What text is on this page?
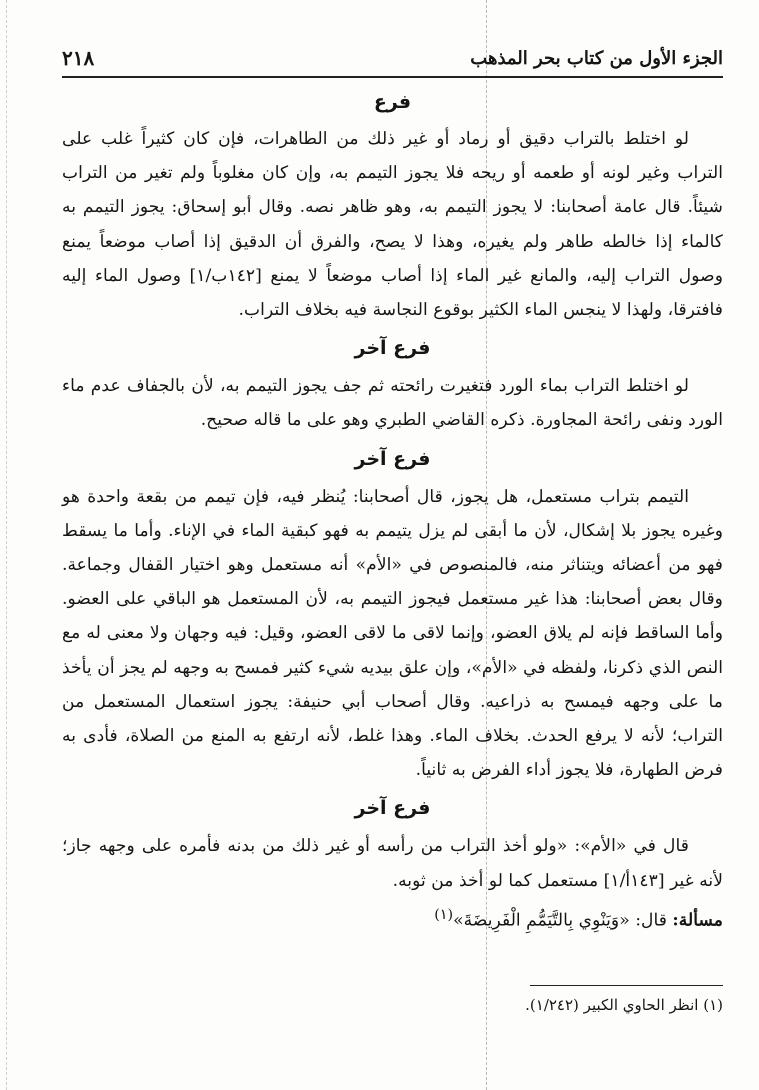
٢١٨	الجزء الأول من كتاب بحر المذهب
فرع

لو اختلط بالتراب دقيق أو رماد أو غير ذلك من الطاهرات، فإن كان كثيراً غلب على التراب وغير لونه أو طعمه أو ريحه فلا يجوز التيمم به، وإن كان مغلوباً ولم تغير من التراب شيئاً. قال عامة أصحابنا: لا يجوز التيمم به، وهو ظاهر نصه. وقال أبو إسحاق: يجوز التيمم به كالماء إذا خالطه طاهر ولم يغيره، وهذا لا يصح، والفرق أن الدقيق إذا أصاب موضعاً يمنع وصول التراب إليه، والمانع غير الماء إذا أصاب موضعاً لا يمنع [١٤٢ب/١] وصول الماء إليه فافترقا، ولهذا لا ينجس الماء الكثير بوقوع النجاسة فيه بخلاف التراب.

فرع آخر

لو اختلط التراب بماء الورد فتغيرت رائحته ثم جف يجوز التيمم به، لأن بالجفاف عدم ماء الورد ونفى رائحة المجاورة. ذكره القاضي الطبري وهو على ما قاله صحيح.

فرع آخر

التيمم بتراب مستعمل، هل يجوز، قال أصحابنا: يُنظر فيه، فإن تيمم من بقعة واحدة هو وغيره يجوز بلا إشكال، لأن ما أبقى لم يزل يتيمم به فهو كبقية الماء في الإناء. وأما ما يسقط فهو من أعضائه ويتناثر منه، فالمنصوص في «الأم» أنه مستعمل وهو اختيار القفال وجماعة. وقال بعض أصحابنا: هذا غير مستعمل فيجوز التيمم به، لأن المستعمل هو الباقي على العضو. وأما الساقط فإنه لم يلاق العضو، وإنما لاقى ما لاقى العضو، وقيل: فيه وجهان ولا معنى له مع النص الذي ذكرنا، ولفظه في «الأم»، وإن علق بيديه شيء كثير فمسح به وجهه لم يجز أن يأخذ ما على وجهه فيمسح به ذراعيه. وقال أصحاب أبي حنيفة: يجوز استعمال المستعمل من التراب؛ لأنه لا يرفع الحدث. بخلاف الماء. وهذا غلط، لأنه ارتفع به المنع من الصلاة، فأدى به فرض الطهارة، فلا يجوز أداء الفرض به ثانياً.

فرع آخر

قال في «الأم»: «ولو أخذ التراب من رأسه أو غير ذلك من بدنه فأمره على وجهه جاز؛ لأنه غير [١٤٣أ/١] مستعمل كما لو أخذ من ثوبه.

مسألة: قال: «وَيَنْوِي بِالتَّيَمُّمِ الْفَرِيضَةَ»$^{(١)}$

(١) انظر الحاوي الكبير (١/٢٤٢).
